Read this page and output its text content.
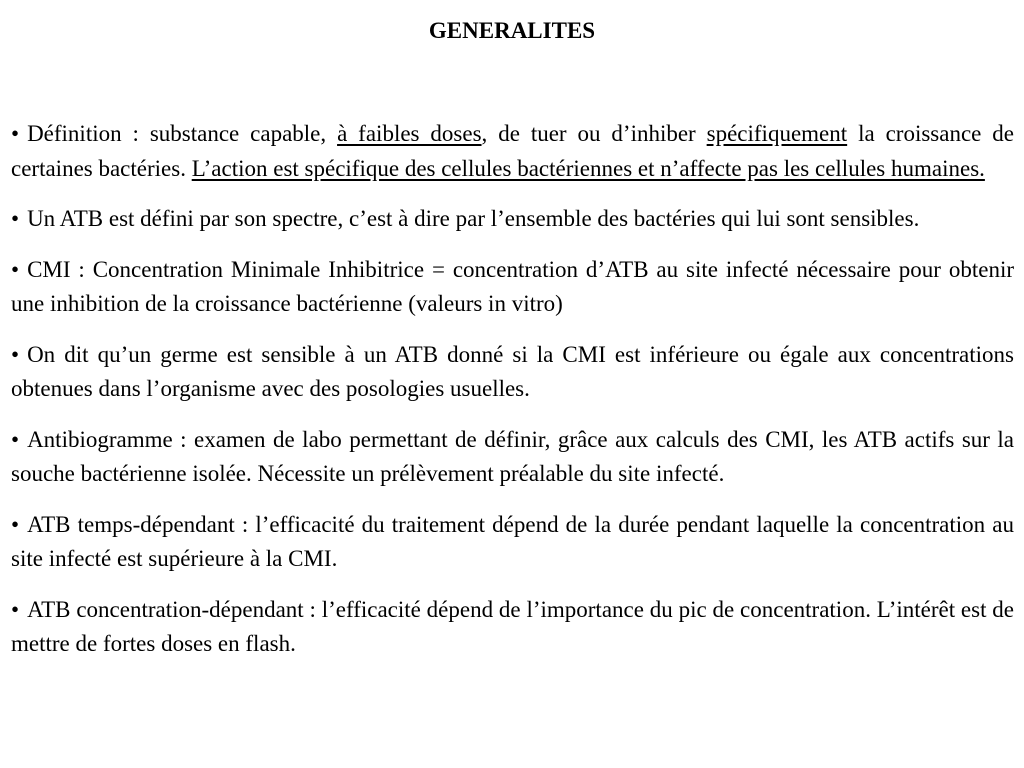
GENERALITES

• Définition : substance capable, à faibles doses, de tuer ou d’inhiber spécifiquement la croissance de certaines bactéries. L’action est spécifique des cellules bactériennes et n’affecte pas les cellules humaines.

• Un ATB est défini par son spectre, c’est à dire par l’ensemble des bactéries qui lui sont sensibles.

• CMI : Concentration Minimale Inhibitrice = concentration d’ATB au site infecté nécessaire pour obtenir une inhibition de la croissance bactérienne (valeurs in vitro)

• On dit qu’un germe est sensible à un ATB donné si la CMI est inférieure ou égale aux concentrations obtenues dans l’organisme avec des posologies usuelles.

• Antibiogramme : examen de labo permettant de définir, grâce aux calculs des CMI, les ATB actifs sur la souche bactérienne isolée. Nécessite un prélèvement préalable du site infecté.

• ATB temps-dépendant : l’efficacité du traitement dépend de la durée pendant laquelle la concentration au site infecté est supérieure à la CMI.

• ATB concentration-dépendant : l’efficacité dépend de l’importance du pic de concentration. L’intérêt est de mettre de fortes doses en flash.
